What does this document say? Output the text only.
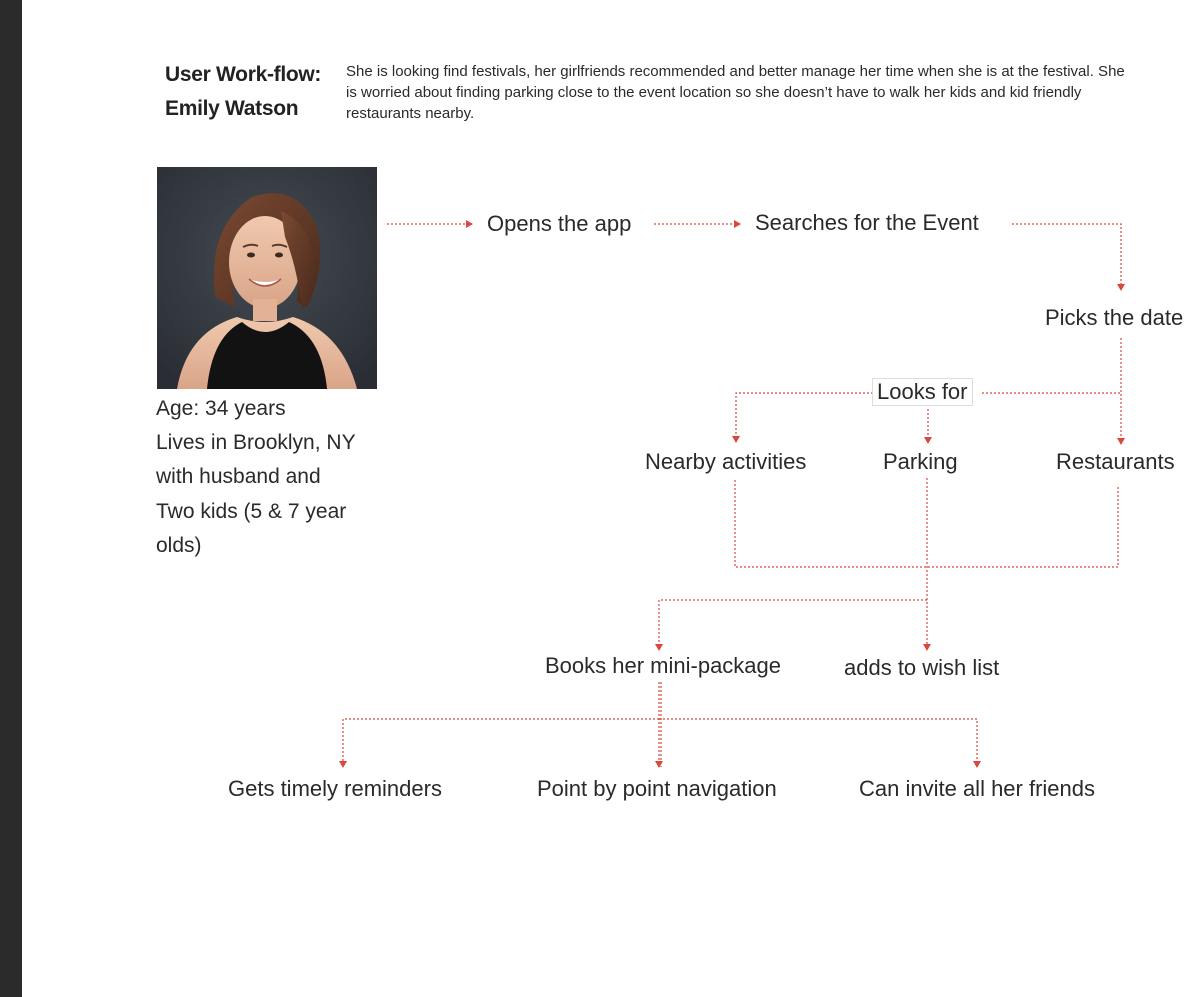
User Work-flow:
Emily Watson
She is looking find festivals, her girlfriends recommended and better manage her time when she is at the festival. She is worried about finding parking close to the event location so she doesn’t have to walk her kids and kid friendly restaurants nearby.
Age: 34 years
Lives in Brooklyn, NY
with husband and
Two kids (5 & 7 year
olds)
Opens the app	Searches for the Event
Picks the date
Looks for
Nearby activities	Parking	Restaurants
Books her mini-package	adds to wish list
Gets timely reminders	Point by point navigation	Can invite all her friends
